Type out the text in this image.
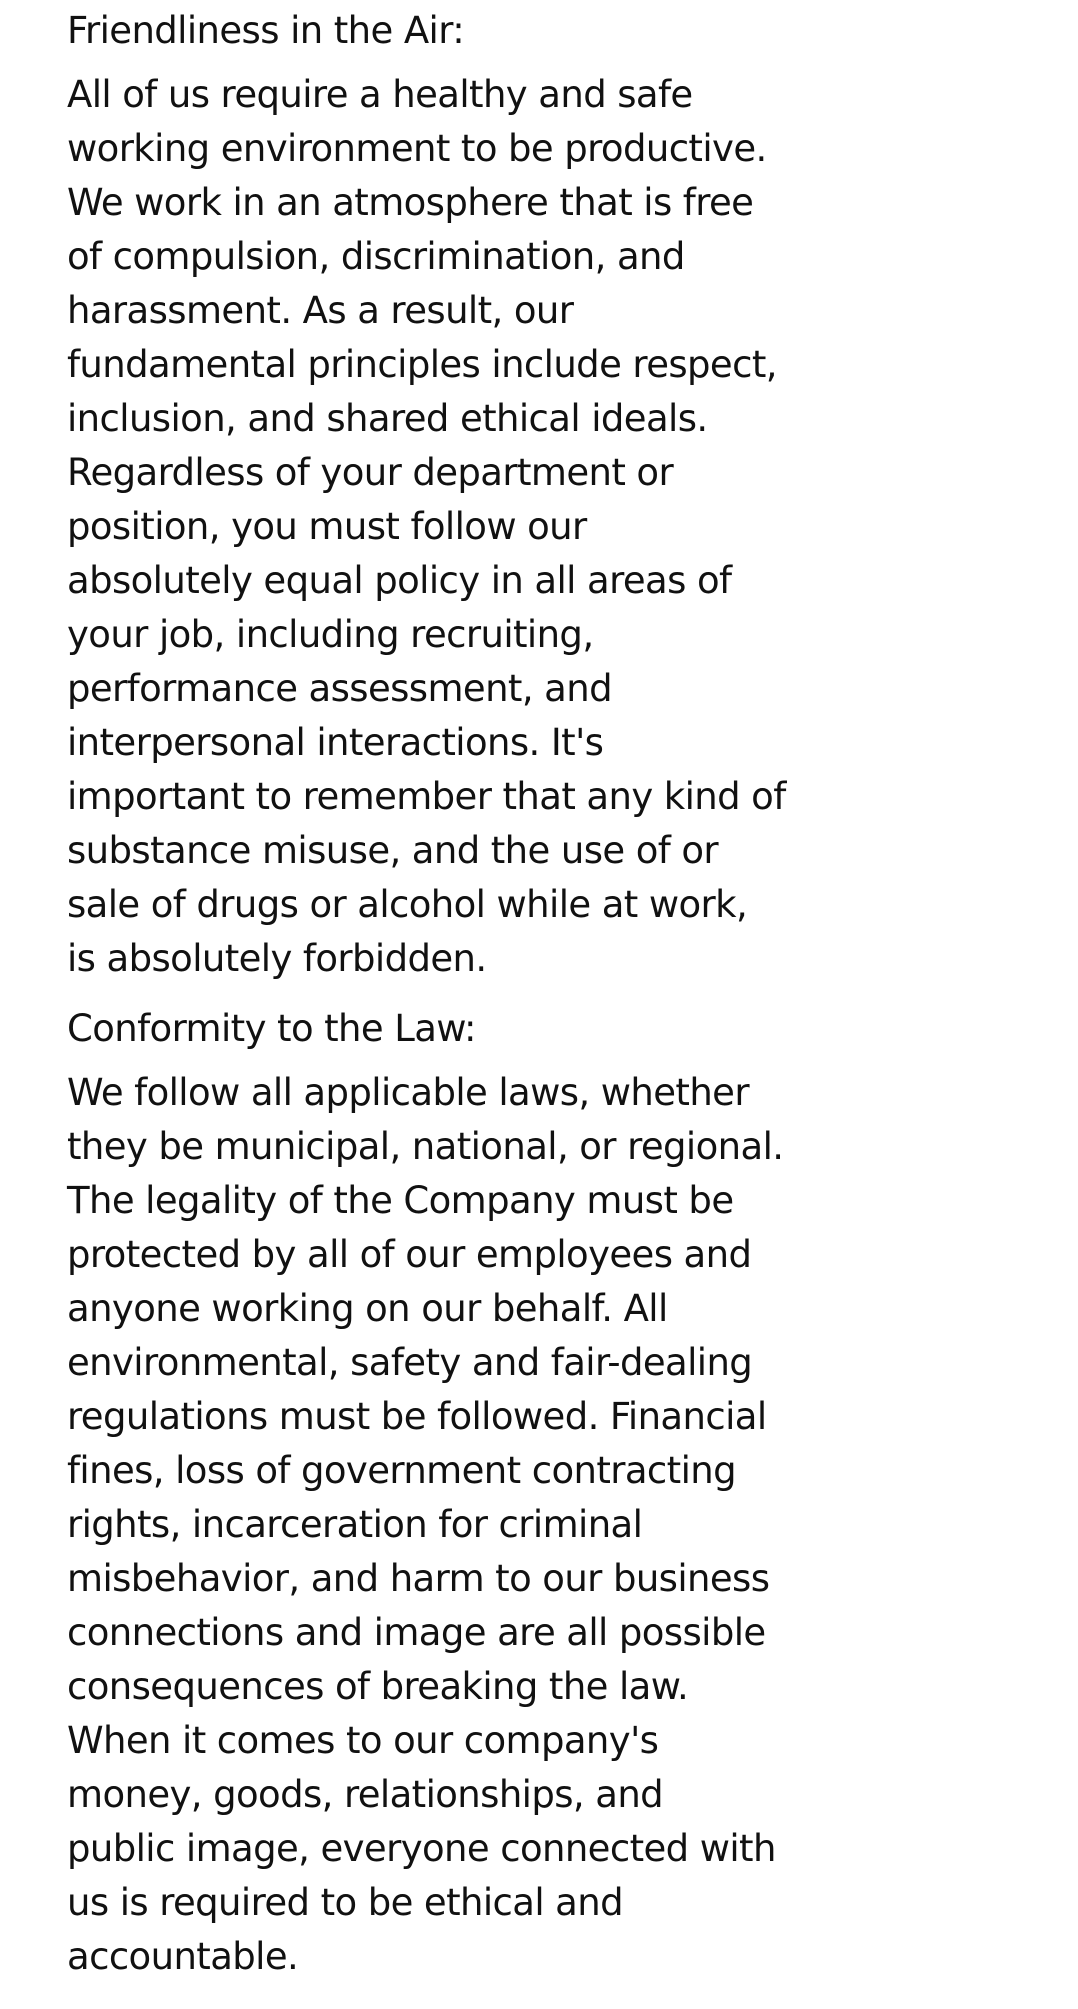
Friendliness in the Air:
All of us require a healthy and safe
working environment to be productive.
We work in an atmosphere that is free
of compulsion, discrimination, and
harassment. As a result, our
fundamental principles include respect,
inclusion, and shared ethical ideals.
Regardless of your department or
position, you must follow our
absolutely equal policy in all areas of
your job, including recruiting,
performance assessment, and
interpersonal interactions. It's
important to remember that any kind of
substance misuse, and the use of or
sale of drugs or alcohol while at work,
is absolutely forbidden.
Conformity to the Law:
We follow all applicable laws, whether
they be municipal, national, or regional.
The legality of the Company must be
protected by all of our employees and
anyone working on our behalf. All
environmental, safety and fair-dealing
regulations must be followed. Financial
fines, loss of government contracting
rights, incarceration for criminal
misbehavior, and harm to our business
connections and image are all possible
consequences of breaking the law.
When it comes to our company's
money, goods, relationships, and
public image, everyone connected with
us is required to be ethical and
accountable.
